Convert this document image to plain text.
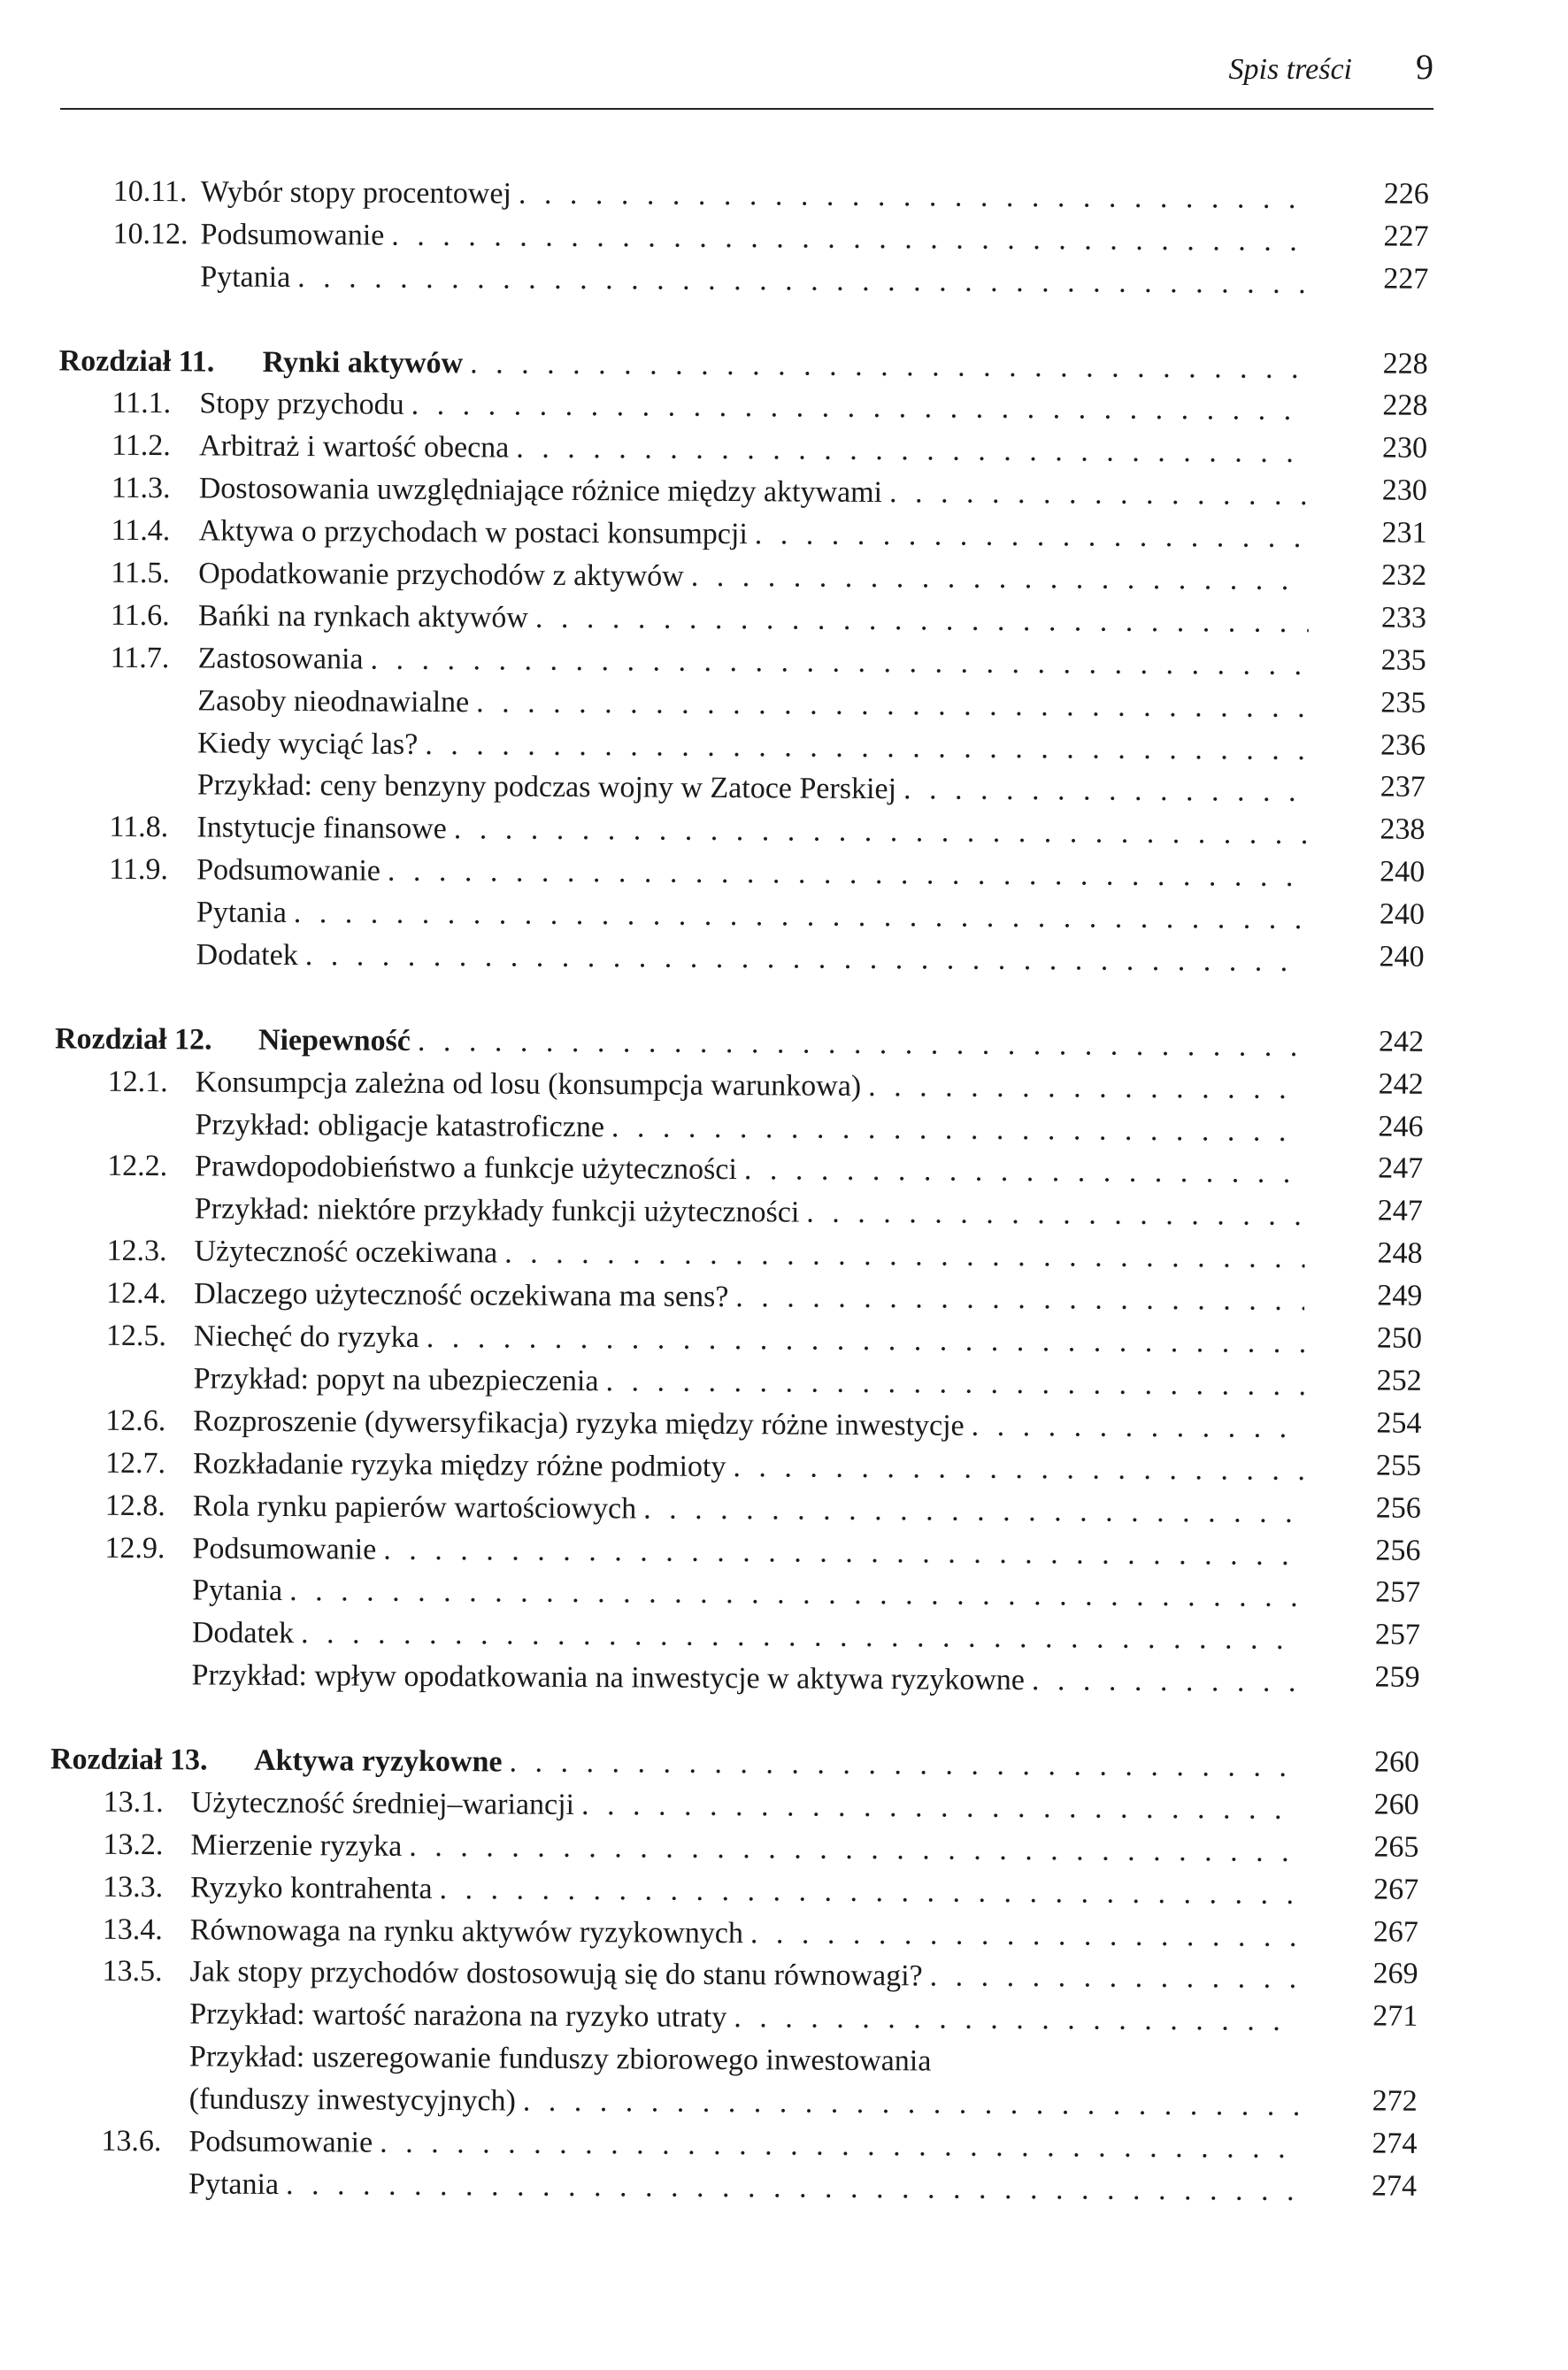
Spis treści 9
10.11. Wybór stopy procentowej . . .	226
10.12. Podsumowanie . . .	227
Pytania . . .	227
Rozdział 11. Rynki aktywów . . .	228
11.1. Stopy przychodu . . .	228
11.2. Arbitraż i wartość obecna . . .	230
11.3. Dostosowania uwzględniające różnice między aktywami . . .	230
11.4. Aktywa o przychodach w postaci konsumpcji . . .	231
11.5. Opodatkowanie przychodów z aktywów . . .	232
11.6. Bańki na rynkach aktywów . . .	233
11.7. Zastosowania . . .	235
Zasoby nieodnawialne . . .	235
Kiedy wyciąć las? . . .	236
Przykład: ceny benzyny podczas wojny w Zatoce Perskiej . . .	237
11.8. Instytucje finansowe . . .	238
11.9. Podsumowanie . . .	240
Pytania . . .	240
Dodatek . . .	240
Rozdział 12. Niepewność . . .	242
12.1. Konsumpcja zależna od losu (konsumpcja warunkowa) . . .	242
Przykład: obligacje katastroficzne . . .	246
12.2. Prawdopodobieństwo a funkcje użyteczności . . .	247
Przykład: niektóre przykłady funkcji użyteczności . . .	247
12.3. Użyteczność oczekiwana . . .	248
12.4. Dlaczego użyteczność oczekiwana ma sens? . . .	249
12.5. Niechęć do ryzyka . . .	250
Przykład: popyt na ubezpieczenia . . .	252
12.6. Rozproszenie (dywersyfikacja) ryzyka między różne inwestycje . . .	254
12.7. Rozkładanie ryzyka między różne podmioty . . .	255
12.8. Rola rynku papierów wartościowych . . .	256
12.9. Podsumowanie . . .	256
Pytania . . .	257
Dodatek . . .	257
Przykład: wpływ opodatkowania na inwestycje w aktywa ryzykowne . . .	259
Rozdział 13. Aktywa ryzykowne . . .	260
13.1. Użyteczność średniej–wariancji . . .	260
13.2. Mierzenie ryzyka . . .	265
13.3. Ryzyko kontrahenta . . .	267
13.4. Równowaga na rynku aktywów ryzykownych . . .	267
13.5. Jak stopy przychodów dostosowują się do stanu równowagi? . . .	269
Przykład: wartość narażona na ryzyko utraty . . .	271
Przykład: uszeregowanie funduszy zbiorowego inwestowania
(funduszy inwestycyjnych) . . .	272
13.6. Podsumowanie . . .	274
Pytania . . .	274
